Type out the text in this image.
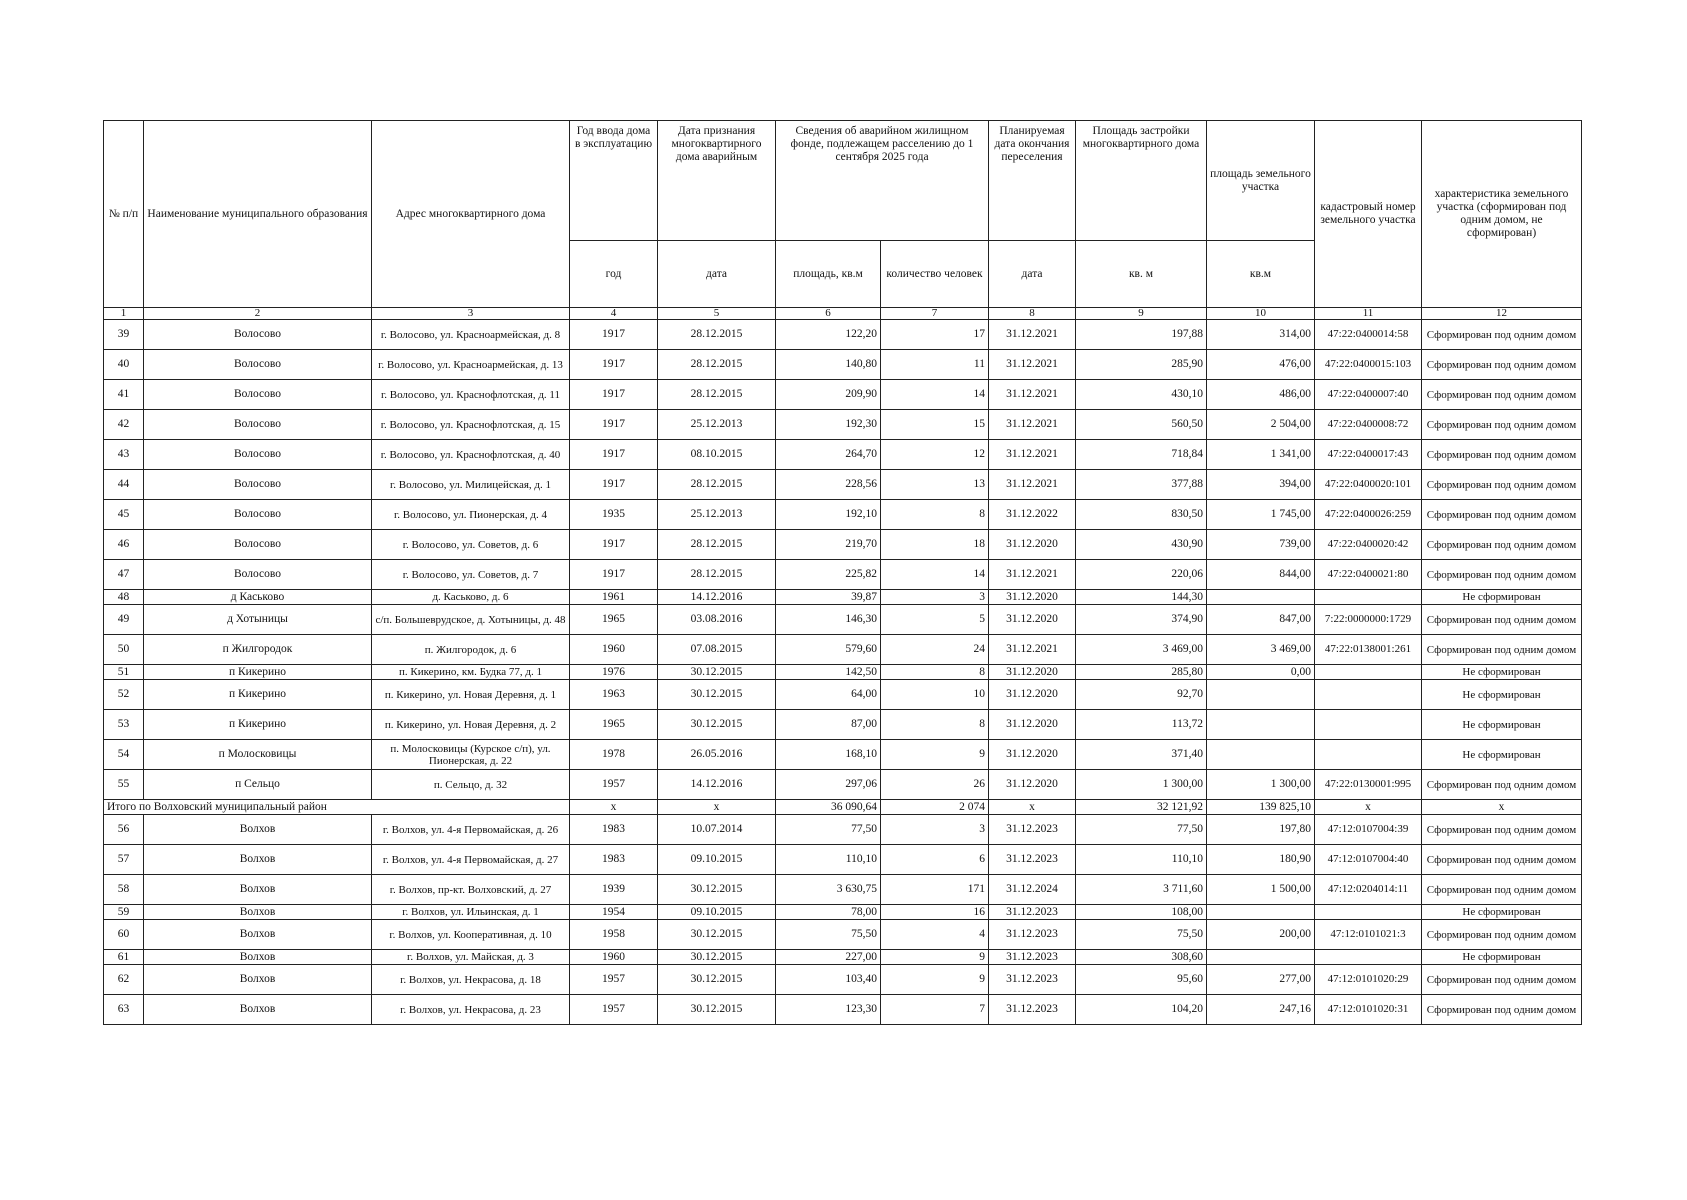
№ п/п	Наименование муниципального образования	Адрес многоквартирного дома	Год ввода дома в эксплуатацию	Дата признания многоквартирного дома аварийным	Сведения об аварийном жилищном фонде, подлежащем расселению до 1 сентября 2025 года		Планируемая дата окончания переселения	Площадь застройки многоквартирного дома	площадь земельного участка	кадастровый номер земельного участка	характеристика земельного участка (сформирован под одним домом, не сформирован)
			год	дата	площадь, кв.м	количество человек	дата	кв. м	кв.м		
1	2	3	4	5	6	7	8	9	10	11	12
39	Волосово	г. Волосово, ул. Красноармейская, д. 8	1917	28.12.2015	122,20	17	31.12.2021	197,88	314,00	47:22:0400014:58	Сформирован под одним домом
40	Волосово	г. Волосово, ул. Красноармейская, д. 13	1917	28.12.2015	140,80	11	31.12.2021	285,90	476,00	47:22:0400015:103	Сформирован под одним домом
41	Волосово	г. Волосово, ул. Краснофлотская, д. 11	1917	28.12.2015	209,90	14	31.12.2021	430,10	486,00	47:22:0400007:40	Сформирован под одним домом
42	Волосово	г. Волосово, ул. Краснофлотская, д. 15	1917	25.12.2013	192,30	15	31.12.2021	560,50	2 504,00	47:22:0400008:72	Сформирован под одним домом
43	Волосово	г. Волосово, ул. Краснофлотская, д. 40	1917	08.10.2015	264,70	12	31.12.2021	718,84	1 341,00	47:22:0400017:43	Сформирован под одним домом
44	Волосово	г. Волосово, ул. Милицейская, д. 1	1917	28.12.2015	228,56	13	31.12.2021	377,88	394,00	47:22:0400020:101	Сформирован под одним домом
45	Волосово	г. Волосово, ул. Пионерская, д. 4	1935	25.12.2013	192,10	8	31.12.2022	830,50	1 745,00	47:22:0400026:259	Сформирован под одним домом
46	Волосово	г. Волосово, ул. Советов, д. 6	1917	28.12.2015	219,70	18	31.12.2020	430,90	739,00	47:22:0400020:42	Сформирован под одним домом
47	Волосово	г. Волосово, ул. Советов, д. 7	1917	28.12.2015	225,82	14	31.12.2021	220,06	844,00	47:22:0400021:80	Сформирован под одним домом
48	д Каськово	д. Каськово, д. 6	1961	14.12.2016	39,87	3	31.12.2020	144,30			Не сформирован
49	д Хотыницы	с/п. Большеврудское, д. Хотыницы, д. 48	1965	03.08.2016	146,30	5	31.12.2020	374,90	847,00	7:22:0000000:1729	Сформирован под одним домом
50	п Жилгородок	п. Жилгородок, д. 6	1960	07.08.2015	579,60	24	31.12.2021	3 469,00	3 469,00	47:22:0138001:261	Сформирован под одним домом
51	п Кикерино	п. Кикерино, км. Будка 77, д. 1	1976	30.12.2015	142,50	8	31.12.2020	285,80	0,00		Не сформирован
52	п Кикерино	п. Кикерино, ул. Новая Деревня, д. 1	1963	30.12.2015	64,00	10	31.12.2020	92,70			Не сформирован
53	п Кикерино	п. Кикерино, ул. Новая Деревня, д. 2	1965	30.12.2015	87,00	8	31.12.2020	113,72			Не сформирован
54	п Молосковицы	п. Молосковицы (Курское с/п), ул. Пионерская, д. 22	1978	26.05.2016	168,10	9	31.12.2020	371,40			Не сформирован
55	п Сельцо	п. Сельцо, д. 32	1957	14.12.2016	297,06	26	31.12.2020	1 300,00	1 300,00	47:22:0130001:995	Сформирован под одним домом
Итого по Волховский муниципальный район			x	x	36 090,64	2 074	x	32 121,92	139 825,10	x	x
56	Волхов	г. Волхов, ул. 4-я Первомайская, д. 26	1983	10.07.2014	77,50	3	31.12.2023	77,50	197,80	47:12:0107004:39	Сформирован под одним домом
57	Волхов	г. Волхов, ул. 4-я Первомайская, д. 27	1983	09.10.2015	110,10	6	31.12.2023	110,10	180,90	47:12:0107004:40	Сформирован под одним домом
58	Волхов	г. Волхов, пр-кт. Волховский, д. 27	1939	30.12.2015	3 630,75	171	31.12.2024	3 711,60	1 500,00	47:12:0204014:11	Сформирован под одним домом
59	Волхов	г. Волхов, ул. Ильинская, д. 1	1954	09.10.2015	78,00	16	31.12.2023	108,00			Не сформирован
60	Волхов	г. Волхов, ул. Кооперативная, д. 10	1958	30.12.2015	75,50	4	31.12.2023	75,50	200,00	47:12:0101021:3	Сформирован под одним домом
61	Волхов	г. Волхов, ул. Майская, д. 3	1960	30.12.2015	227,00	9	31.12.2023	308,60			Не сформирован
62	Волхов	г. Волхов, ул. Некрасова, д. 18	1957	30.12.2015	103,40	9	31.12.2023	95,60	277,00	47:12:0101020:29	Сформирован под одним домом
63	Волхов	г. Волхов, ул. Некрасова, д. 23	1957	30.12.2015	123,30	7	31.12.2023	104,20	247,16	47:12:0101020:31	Сформирован под одним домом
